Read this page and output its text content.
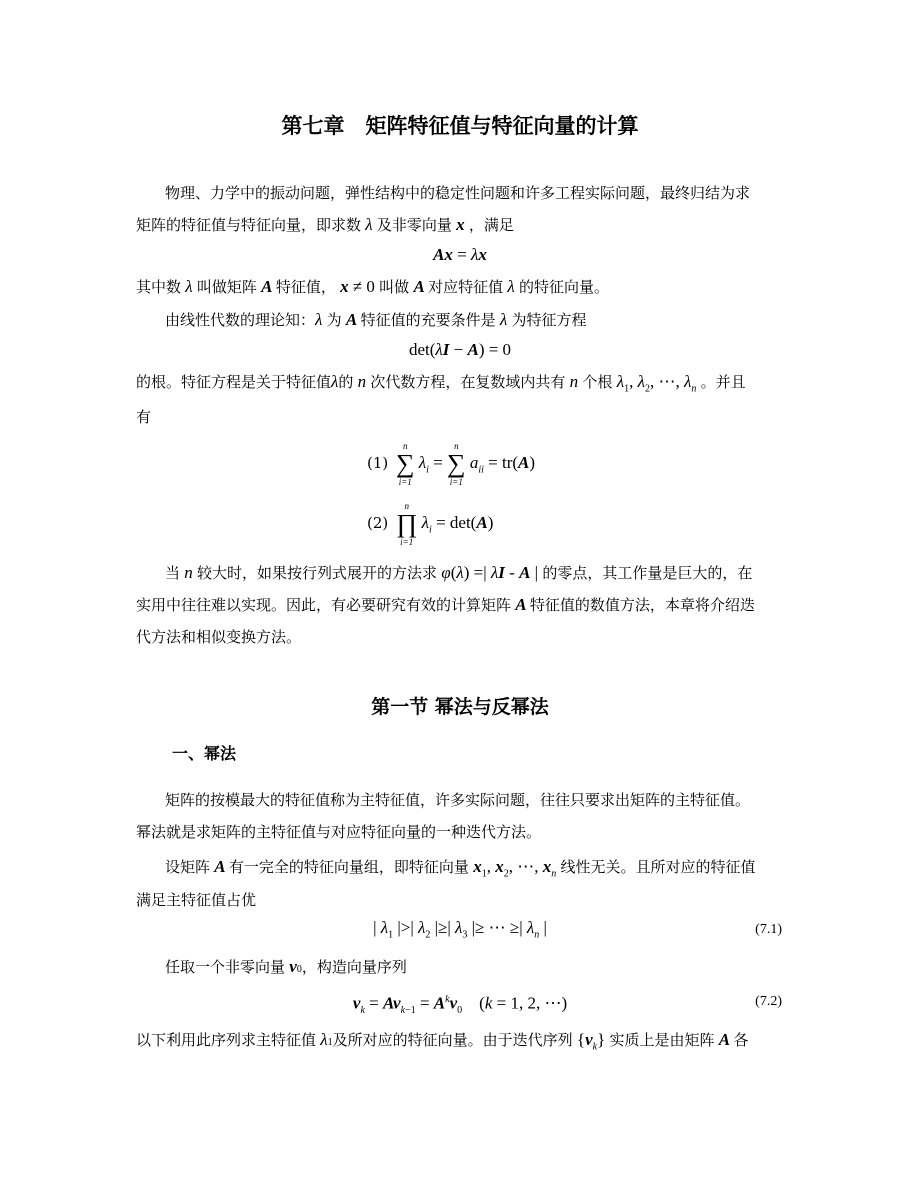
第七章　矩阵特征值与特征向量的计算
物理、力学中的振动问题，弹性结构中的稳定性问题和许多工程实际问题，最终归结为求
矩阵的特征值与特征向量，即求数 λ 及非零向量 x ，满足
Ax = λx
其中数 λ 叫做矩阵 A 特征值， x ≠ 0 叫做 A 对应特征值 λ 的特征向量。
由线性代数的理论知：λ 为 A 特征值的充要条件是 λ 为特征方程
det(λI − A) = 0
的根。特征方程是关于特征值λ的 n 次代数方程，在复数域内共有 n 个根 $\lambda_1$, $\lambda_2$, ⋯, $\lambda_n$ 。并且
有
(1)
n
∑
i=1
$\lambda_i$ =
n
∑
i=1
$a_{ii} = tr(A)$
(2)
n
∏
i=1
$\lambda_i = \det(A)$
当 n 较大时，如果按行列式展开的方法求 φ(λ) =| λI - A | 的零点，其工作量是巨大的，在
实用中往往难以实现。因此，有必要研究有效的计算矩阵 A 特征值的数值方法，本章将介绍迭
代方法和相似变换方法。
第一节 幂法与反幂法
一、幂法
矩阵的按模最大的特征值称为主特征值，许多实际问题，往往只要求出矩阵的主特征值。
幂法就是求矩阵的主特征值与对应特征向量的一种迭代方法。
设矩阵 A 有一完全的特征向量组，即特征向量 $x_1$, $x_2$, ⋯, $x_n$ 线性无关。且所对应的特征值
满足主特征值占优
| $\lambda_1$ |>| $\lambda_2$ |≥| $\lambda_3$ |≥ ⋯ ≥| $\lambda_n$ |	(7.1)
任取一个非零向量 v0，构造向量序列
$v_k = Av_{k-1} = A^kv_0$    (k = 1, 2, ⋯)	(7.2)
以下利用此序列求主特征值 λ1及所对应的特征向量。由于迭代序列 $\{v_k\}$ 实质上是由矩阵 A 各
